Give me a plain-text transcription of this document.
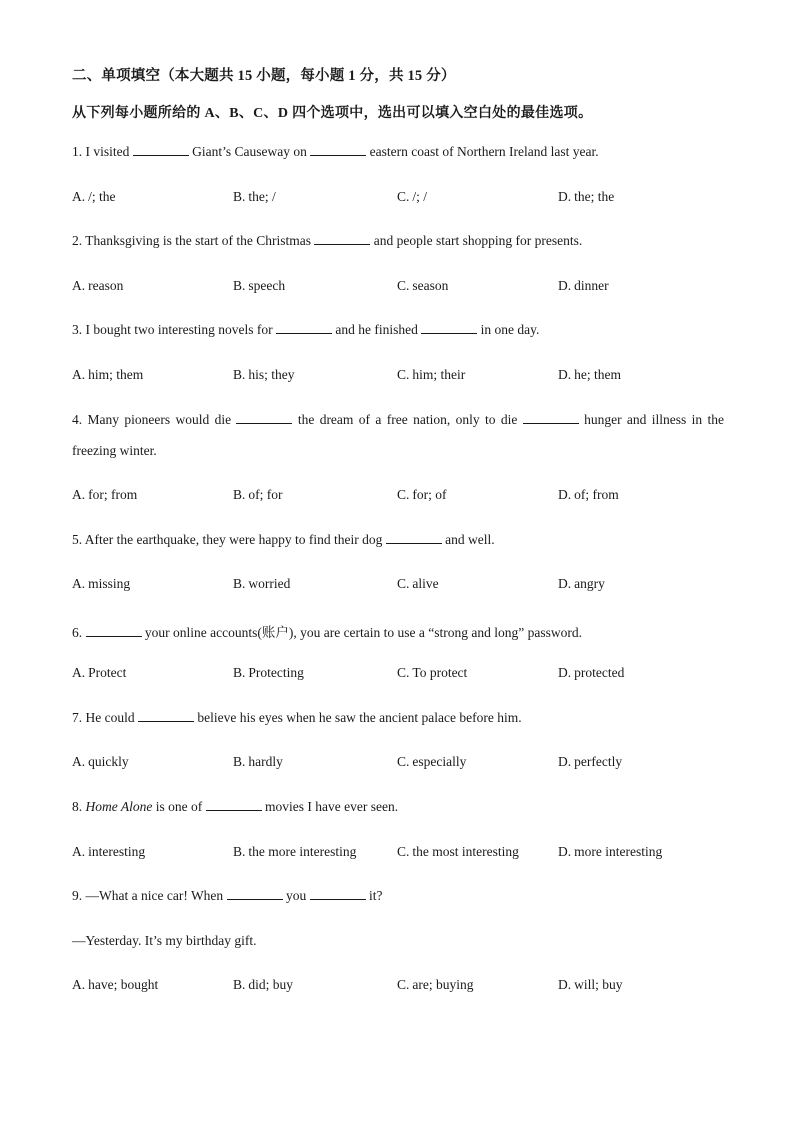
二、单项填空（本大题共 15 小题，每小题 1 分，共 15 分）
从下列每小题所给的 A、B、C、D 四个选项中，选出可以填入空白处的最佳选项。
1. I visited	Giant’s Causeway on	eastern coast of Northern Ireland last year.
A. /; the	B. the; /	C. /; /	D. the; the
2. Thanksgiving is the start of the Christmas	and people start shopping for presents.
A. reason	B. speech	C. season	D. dinner
3. I bought two interesting novels for	and he finished	in one day.
A. him; them	B. his; they	C. him; their	D. he; them
4. Many pioneers would die	the dream of a free nation, only to die	hunger and illness in the
freezing winter.
A. for; from	B. of; for	C. for; of	D. of; from
5. After the earthquake, they were happy to find their dog	and well.
A. missing	B. worried	C. alive	D. angry
6.	your online accounts(账户), you are certain to use a “strong and long” password.
A. Protect	B. Protecting	C. To protect	D. protected
7. He could	believe his eyes when he saw the ancient palace before him.
A. quickly	B. hardly	C. especially	D. perfectly
8. Home Alone is one of	movies I have ever seen.
A. interesting	B. the more interesting	C. the most interesting	D. more interesting
9. —What a nice car! When	you	it?
—Yesterday. It’s my birthday gift.
A. have; bought	B. did; buy	C. are; buying	D. will; buy
